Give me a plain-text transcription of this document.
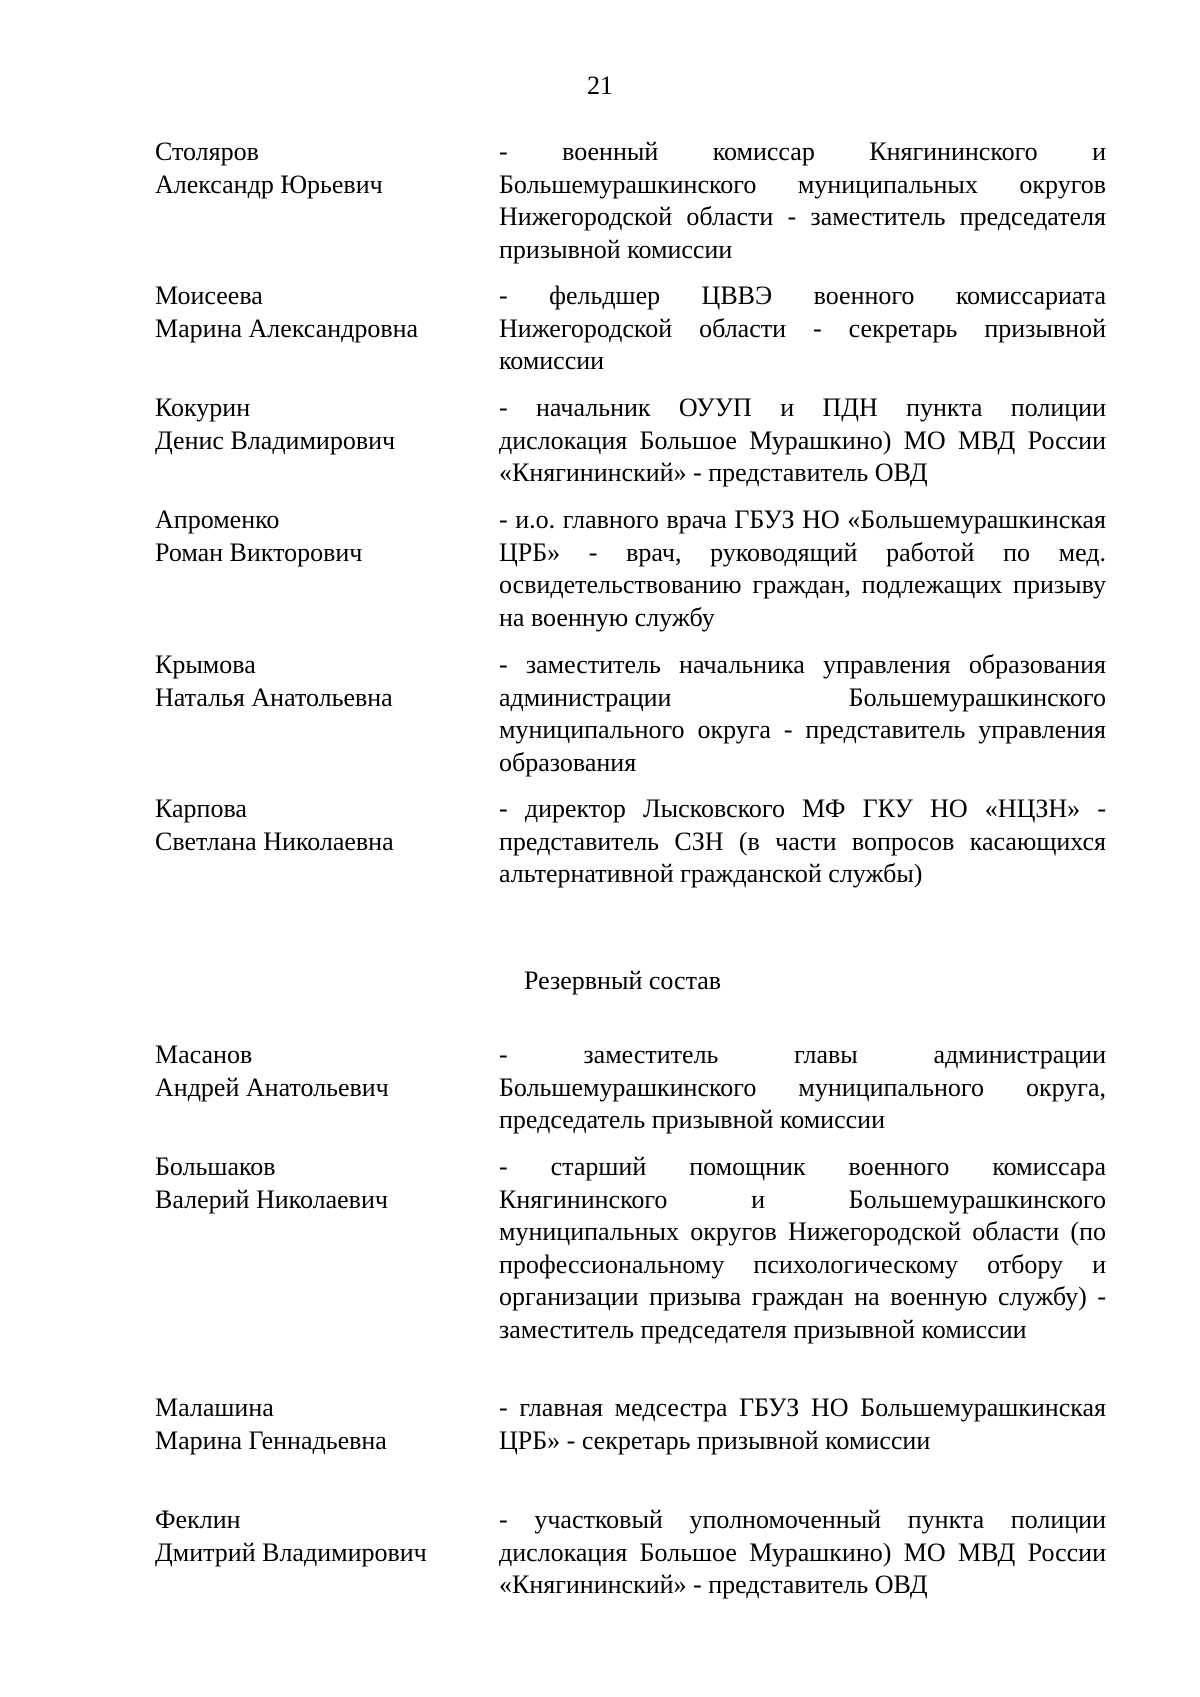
21
Столяров
Александр Юрьевич
- военный комиссар Княгининского и Большемурашкинского муниципальных округов Нижегородской области - заместитель председателя призывной комиссии
Моисеева
Марина Александровна
- фельдшер ЦВВЭ военного комиссариата Нижегородской области - секретарь призывной комиссии
Кокурин
Денис Владимирович
- начальник ОУУП и ПДН пункта полиции дислокация Большое Мурашкино) МО МВД России «Княгининский» - представитель ОВД
Апроменко
Роман Викторович
- и.о. главного врача ГБУЗ НО «Большемурашкинская ЦРБ» - врач, руководящий работой по мед. освидетельствованию граждан, подлежащих призыву на военную службу
Крымова
Наталья Анатольевна
- заместитель начальника управления образования администрации Большемурашкинского муниципального округа - представитель управления образования
Карпова
Светлана Николаевна
- директор Лысковского МФ ГКУ НО «НЦЗН» - представитель СЗН (в части вопросов касающихся альтернативной гражданской службы)
Резервный состав
Масанов
Андрей Анатольевич
- заместитель главы администрации Большемурашкинского муниципального округа, председатель призывной комиссии
Большаков
Валерий Николаевич
- старший помощник военного комиссара Княгининского и Большемурашкинского муниципальных округов Нижегородской области (по профессиональному психологическому отбору и организации призыва граждан на военную службу) - заместитель председателя призывной комиссии
Малашина
Марина Геннадьевна
- главная медсестра ГБУЗ НО Большемурашкинская ЦРБ» - секретарь призывной комиссии
Феклин
Дмитрий Владимирович
- участковый уполномоченный пункта полиции дислокация Большое Мурашкино) МО МВД России «Княгининский» - представитель ОВД
